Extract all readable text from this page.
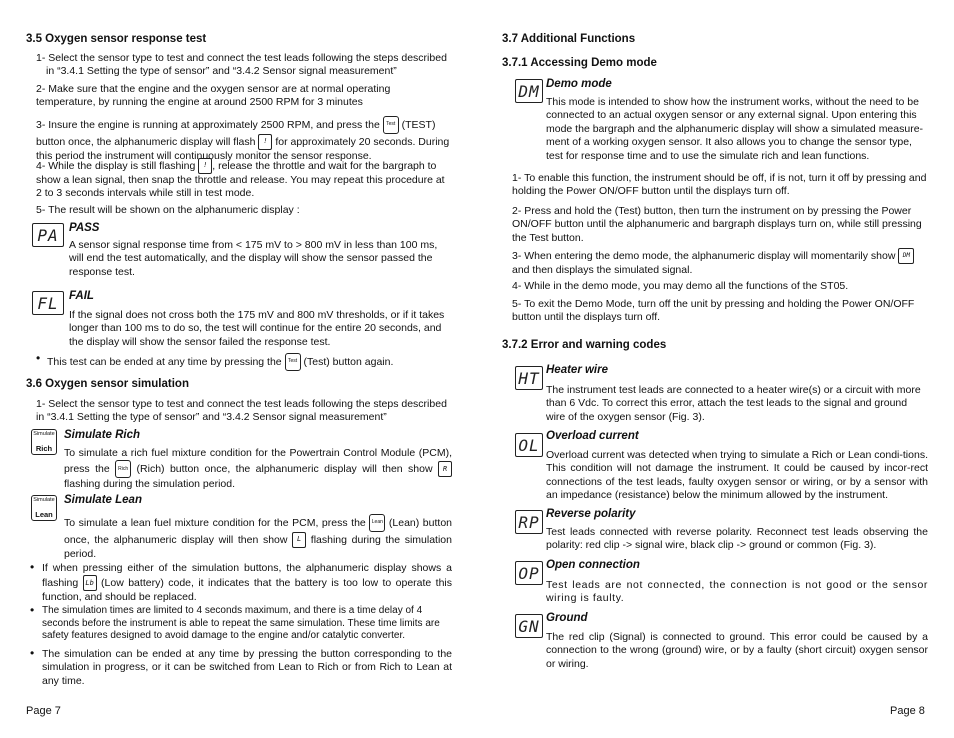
3.5 Oxygen sensor response test
1- Select the sensor type to test and connect the test leads following the steps described in “3.4.1 Setting the type of sensor” and “3.4.2 Sensor signal measurement”
2- Make sure that the engine and the oxygen sensor are at normal operating temperature, by running the engine at around 2500 RPM for 3 minutes
3- Insure the engine is running at approximately 2500 RPM, and press the Test (TEST) button once, the alphanumeric display will flash ! for approximately 20 seconds. During this period the instrument will continuously monitor the sensor response.
4- While the display is still flashing ! , release the throttle and wait for the bargraph to show a lean signal, then snap the throttle and release. You may repeat this procedure at 2 to 3 seconds intervals while still in test mode.
5- The result will be shown on the alphanumeric display :
PA PASS
A sensor signal response time from < 175 mV to > 800 mV in less than 100 ms, will end the test automatically, and the display will show the sensor passed the response test.
FL FAIL
If the signal does not cross both the 175 mV and 800 mV thresholds, or if it takes longer than 100 ms to do so, the test will continue for the entire 20 seconds, and the display will show the sensor failed the response test.
• This test can be ended at any time by pressing the Test (Test) button again.
3.6 Oxygen sensor simulation
1- Select the sensor type to test and connect the test leads following the steps described in “3.4.1 Setting the type of sensor” and “3.4.2 Sensor signal measurement”
Simulate
Rich
Simulate Rich
To simulate a rich fuel mixture condition for the Powertrain Control Module (PCM), press the Rich (Rich) button once, the alphanumeric display will then show R flashing during the simulation period.
Simulate
Lean
Simulate Lean
To simulate a lean fuel mixture condition for the PCM, press the Lean (Lean) button once, the alphanumeric display will then show L flashing during the simulation period.
• If when pressing either of the simulation buttons, the alphanumeric display shows a flashing Lb (Low battery) code, it indicates that the battery is too low to operate this function, and should be replaced.
• The simulation times are limited to 4 seconds maximum, and there is a time delay of 4 seconds before the instrument is able to repeat the same simulation. These time limits are safety features designed to avoid damage to the engine and/or catalytic converter.
• The simulation can be ended at any time by pressing the button corresponding to the simulation in progress, or it can be switched from Lean to Rich or from Rich to Lean at any time.
Page 7
3.7 Additional Functions
3.7.1 Accessing Demo mode
DM Demo mode
This mode is intended to show how the instrument works, without the need to be connected to an actual oxygen sensor or any external signal. Upon entering this mode the bargraph and the alphanumeric display will show a simulated measure-ment of a working oxygen sensor. It also allows you to change the sensor type, test for response time and to use the simulate rich and lean functions.
1- To enable this function, the instrument should be off, if is not, turn it off by pressing and holding the Power ON/OFF button until the displays turn off.
2- Press and hold the (Test) button, then turn the instrument on by pressing the Power ON/OFF button until the alphanumeric and bargraph displays turn on, while still pressing the Test button.
3- When entering the demo mode, the alphanumeric display will momentarily show DM and then displays the simulated signal.
4- While in the demo mode, you may demo all the functions of the ST05.
5- To exit the Demo Mode, turn off the unit by pressing and holding the Power ON/OFF button until the displays turn off.
3.7.2 Error and warning codes
HT Heater wire
The instrument test leads are connected to a heater wire(s) or a circuit with more than 6 Vdc. To correct this error, attach the test leads to the signal and ground wire of the oxygen sensor (Fig. 3).
OL Overload current
Overload current was detected when trying to simulate a Rich or Lean condi-tions. This condition will not damage the instrument. It could be caused by incor-rect connections of the test leads, faulty oxygen sensor or wiring, or by a sensor with an impedance (resistance) below the minimum allowed by the instrument.
RP Reverse polarity
Test leads connected with reverse polarity. Reconnect test leads observing the polarity: red clip -> signal wire, black clip -> ground or common (Fig. 3).
OP Open connection
Test leads are not connected, the connection is not good or the sensor wiring is faulty.
GN Ground
The red clip (Signal) is connected to ground. This error could be caused by a connection to the wrong (ground) wire, or by a faulty (short circuit) oxygen sensor or wiring.
Page 8
